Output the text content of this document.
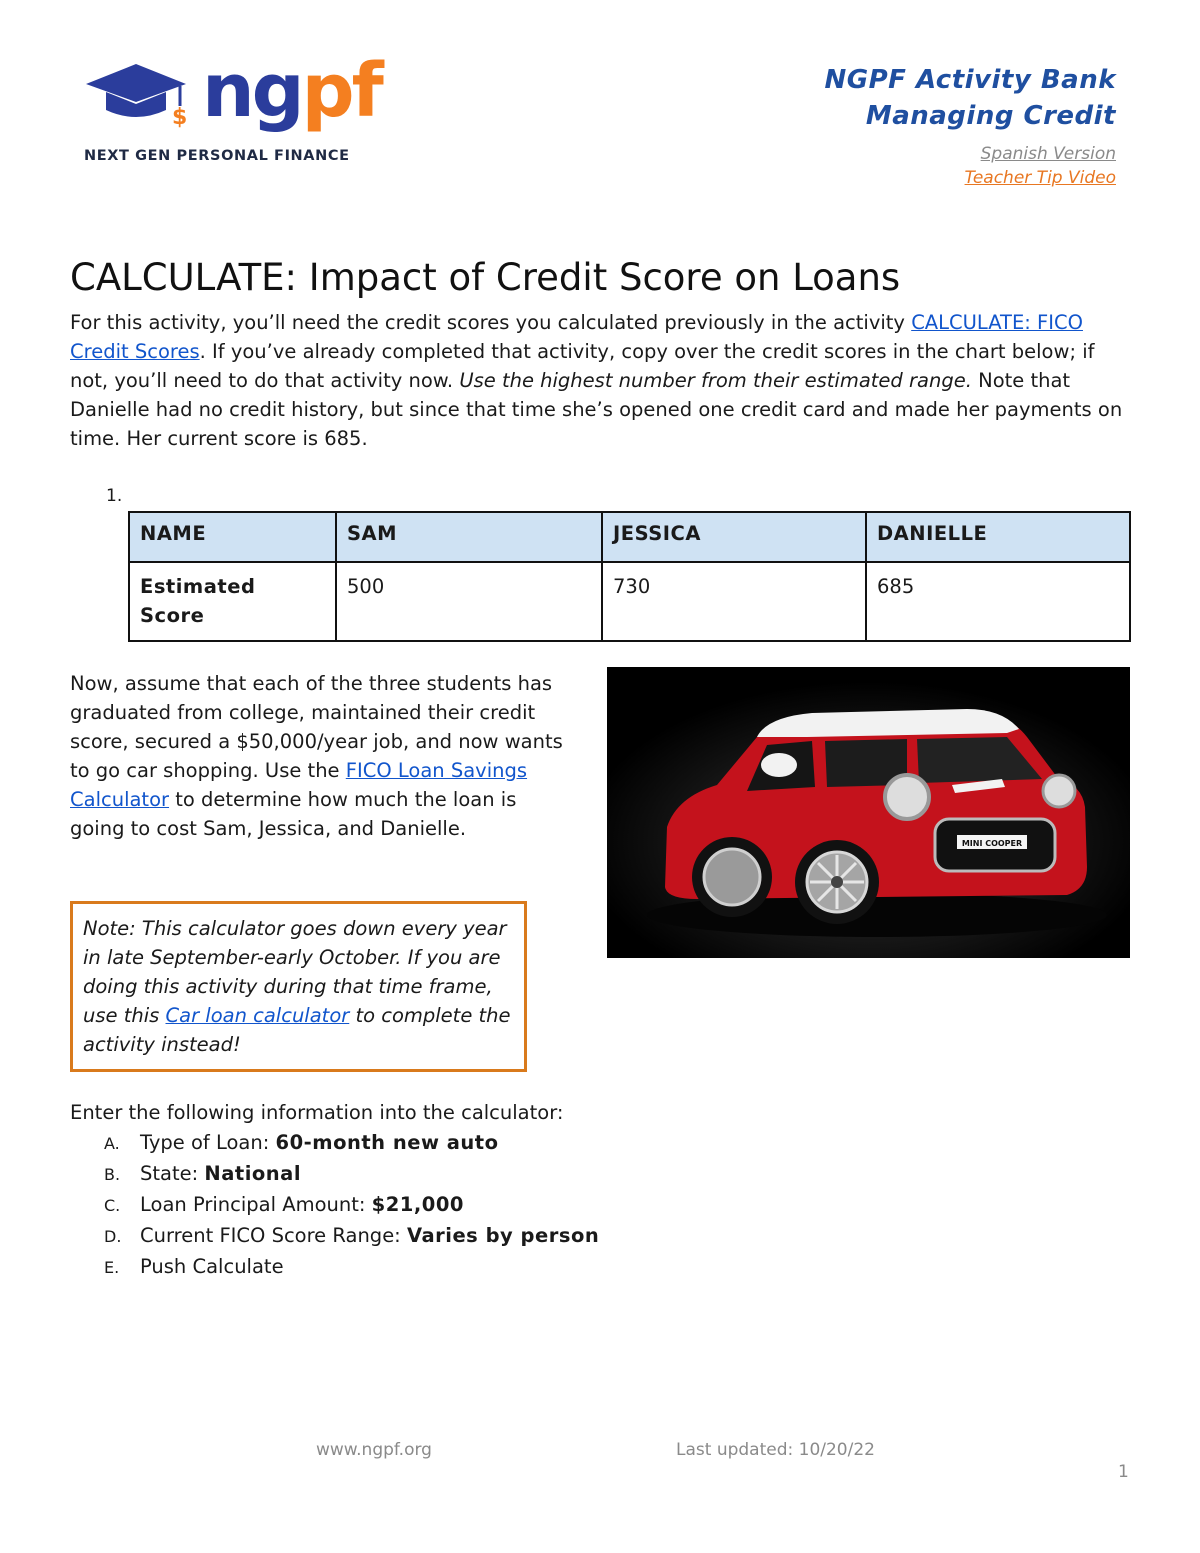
$ ngpf
NEXT GEN PERSONAL FINANCE
NGPF Activity Bank
Managing Credit
Spanish Version
Teacher Tip Video
CALCULATE: Impact of Credit Score on Loans

For this activity, you’ll need the credit scores you calculated previously in the activity CALCULATE: FICO Credit Scores. If you’ve already completed that activity, copy over the credit scores in the chart below; if not, you’ll need to do that activity now. Use the highest number from their estimated range. Note that Danielle had no credit history, but since that time she’s opened one credit card and made her payments on time. Her current score is 685.

1.
NAME	SAM	JESSICA	DANIELLE
Estimated Score	500	730	685

Now, assume that each of the three students has graduated from college, maintained their credit score, secured a $50,000/year job, and now wants to go car shopping. Use the FICO Loan Savings Calculator to determine how much the loan is going to cost Sam, Jessica, and Danielle.

MINI COOPER
Note: This calculator goes down every year in late September-early October. If you are doing this activity during that time frame, use this Car loan calculator to complete the activity instead!

Enter the following information into the calculator:

A. Type of Loan: 60-month new auto
B. State: National
C. Loan Principal Amount: $21,000
D. Current FICO Score Range: Varies by person
E. Push Calculate
www.ngpf.org	Last updated: 10/20/22
1
